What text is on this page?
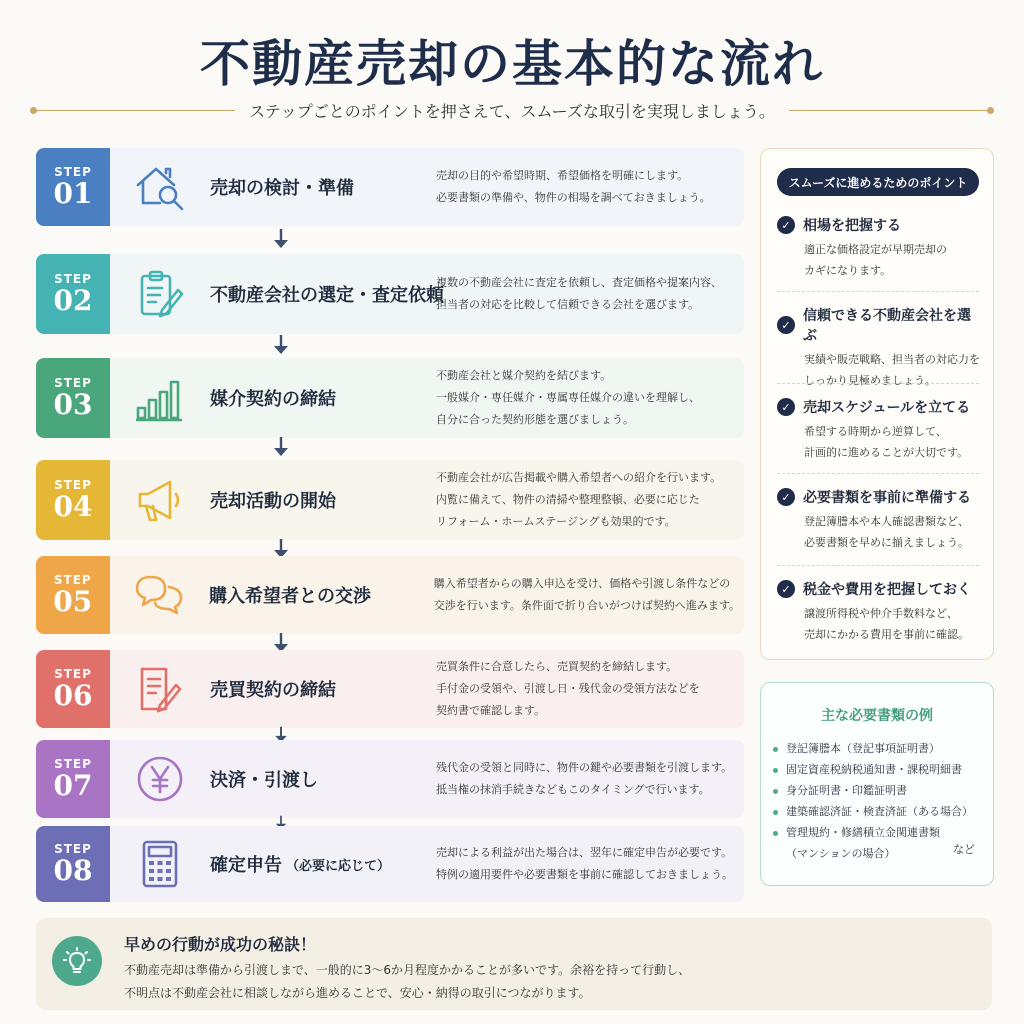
不動産売却の基本的な流れ
ステップごとのポイントを押さえて、スムーズな取引を実現しましょう。
STEP
01	売却の検討・準備
売却の目的や希望時期、希望価格を明確にします。
必要書類の準備や、物件の相場を調べておきましょう。
STEP
02	不動産会社の選定・査定依頼
複数の不動産会社に査定を依頼し、査定価格や提案内容、
担当者の対応を比較して信頼できる会社を選びます。
STEP
03	媒介契約の締結
不動産会社と媒介契約を結びます。
一般媒介・専任媒介・専属専任媒介の違いを理解し、
自分に合った契約形態を選びましょう。
STEP
04	売却活動の開始
不動産会社が広告掲載や購入希望者への紹介を行います。
内覧に備えて、物件の清掃や整理整頓、必要に応じた
リフォーム・ホームステージングも効果的です。
STEP
05	購入希望者との交渉
購入希望者からの購入申込を受け、価格や引渡し条件などの
交渉を行います。条件面で折り合いがつけば契約へ進みます。
STEP
06	売買契約の締結
売買条件に合意したら、売買契約を締結します。
手付金の受領や、引渡し日・残代金の受領方法などを
契約書で確認します。
STEP
07	決済・引渡し
残代金の受領と同時に、物件の鍵や必要書類を引渡します。
抵当権の抹消手続きなどもこのタイミングで行います。
STEP
08	確定申告 （必要に応じて）
売却による利益が出た場合は、翌年に確定申告が必要です。
特例の適用要件や必要書類を事前に確認しておきましょう。
スムーズに進めるためのポイント
✓ 相場を把握する
適正な価格設定が早期売却の
カギになります。
✓
信頼できる不動産会社を選ぶ
実績や販売戦略、担当者の対応力を
しっかり見極めましょう。
✓ 売却スケジュールを立てる
希望する時期から逆算して、
計画的に進めることが大切です。
✓ 必要書類を事前に準備する
登記簿謄本や本人確認書類など、
必要書類を早めに揃えましょう。
✓ 税金や費用を把握しておく
譲渡所得税や仲介手数料など、
売却にかかる費用を事前に確認。
主な必要書類の例
登記簿謄本（登記事項証明書）
固定資産税納税通知書・課税明細書
身分証明書・印鑑証明書
建築確認済証・検査済証（ある場合）
管理規約・修繕積立金関連書類
（マンションの場合）	など
早めの行動が成功の秘訣！
不動産売却は準備から引渡しまで、一般的に3〜6か月程度かかることが多いです。余裕を持って行動し、
不明点は不動産会社に相談しながら進めることで、安心・納得の取引につながります。
